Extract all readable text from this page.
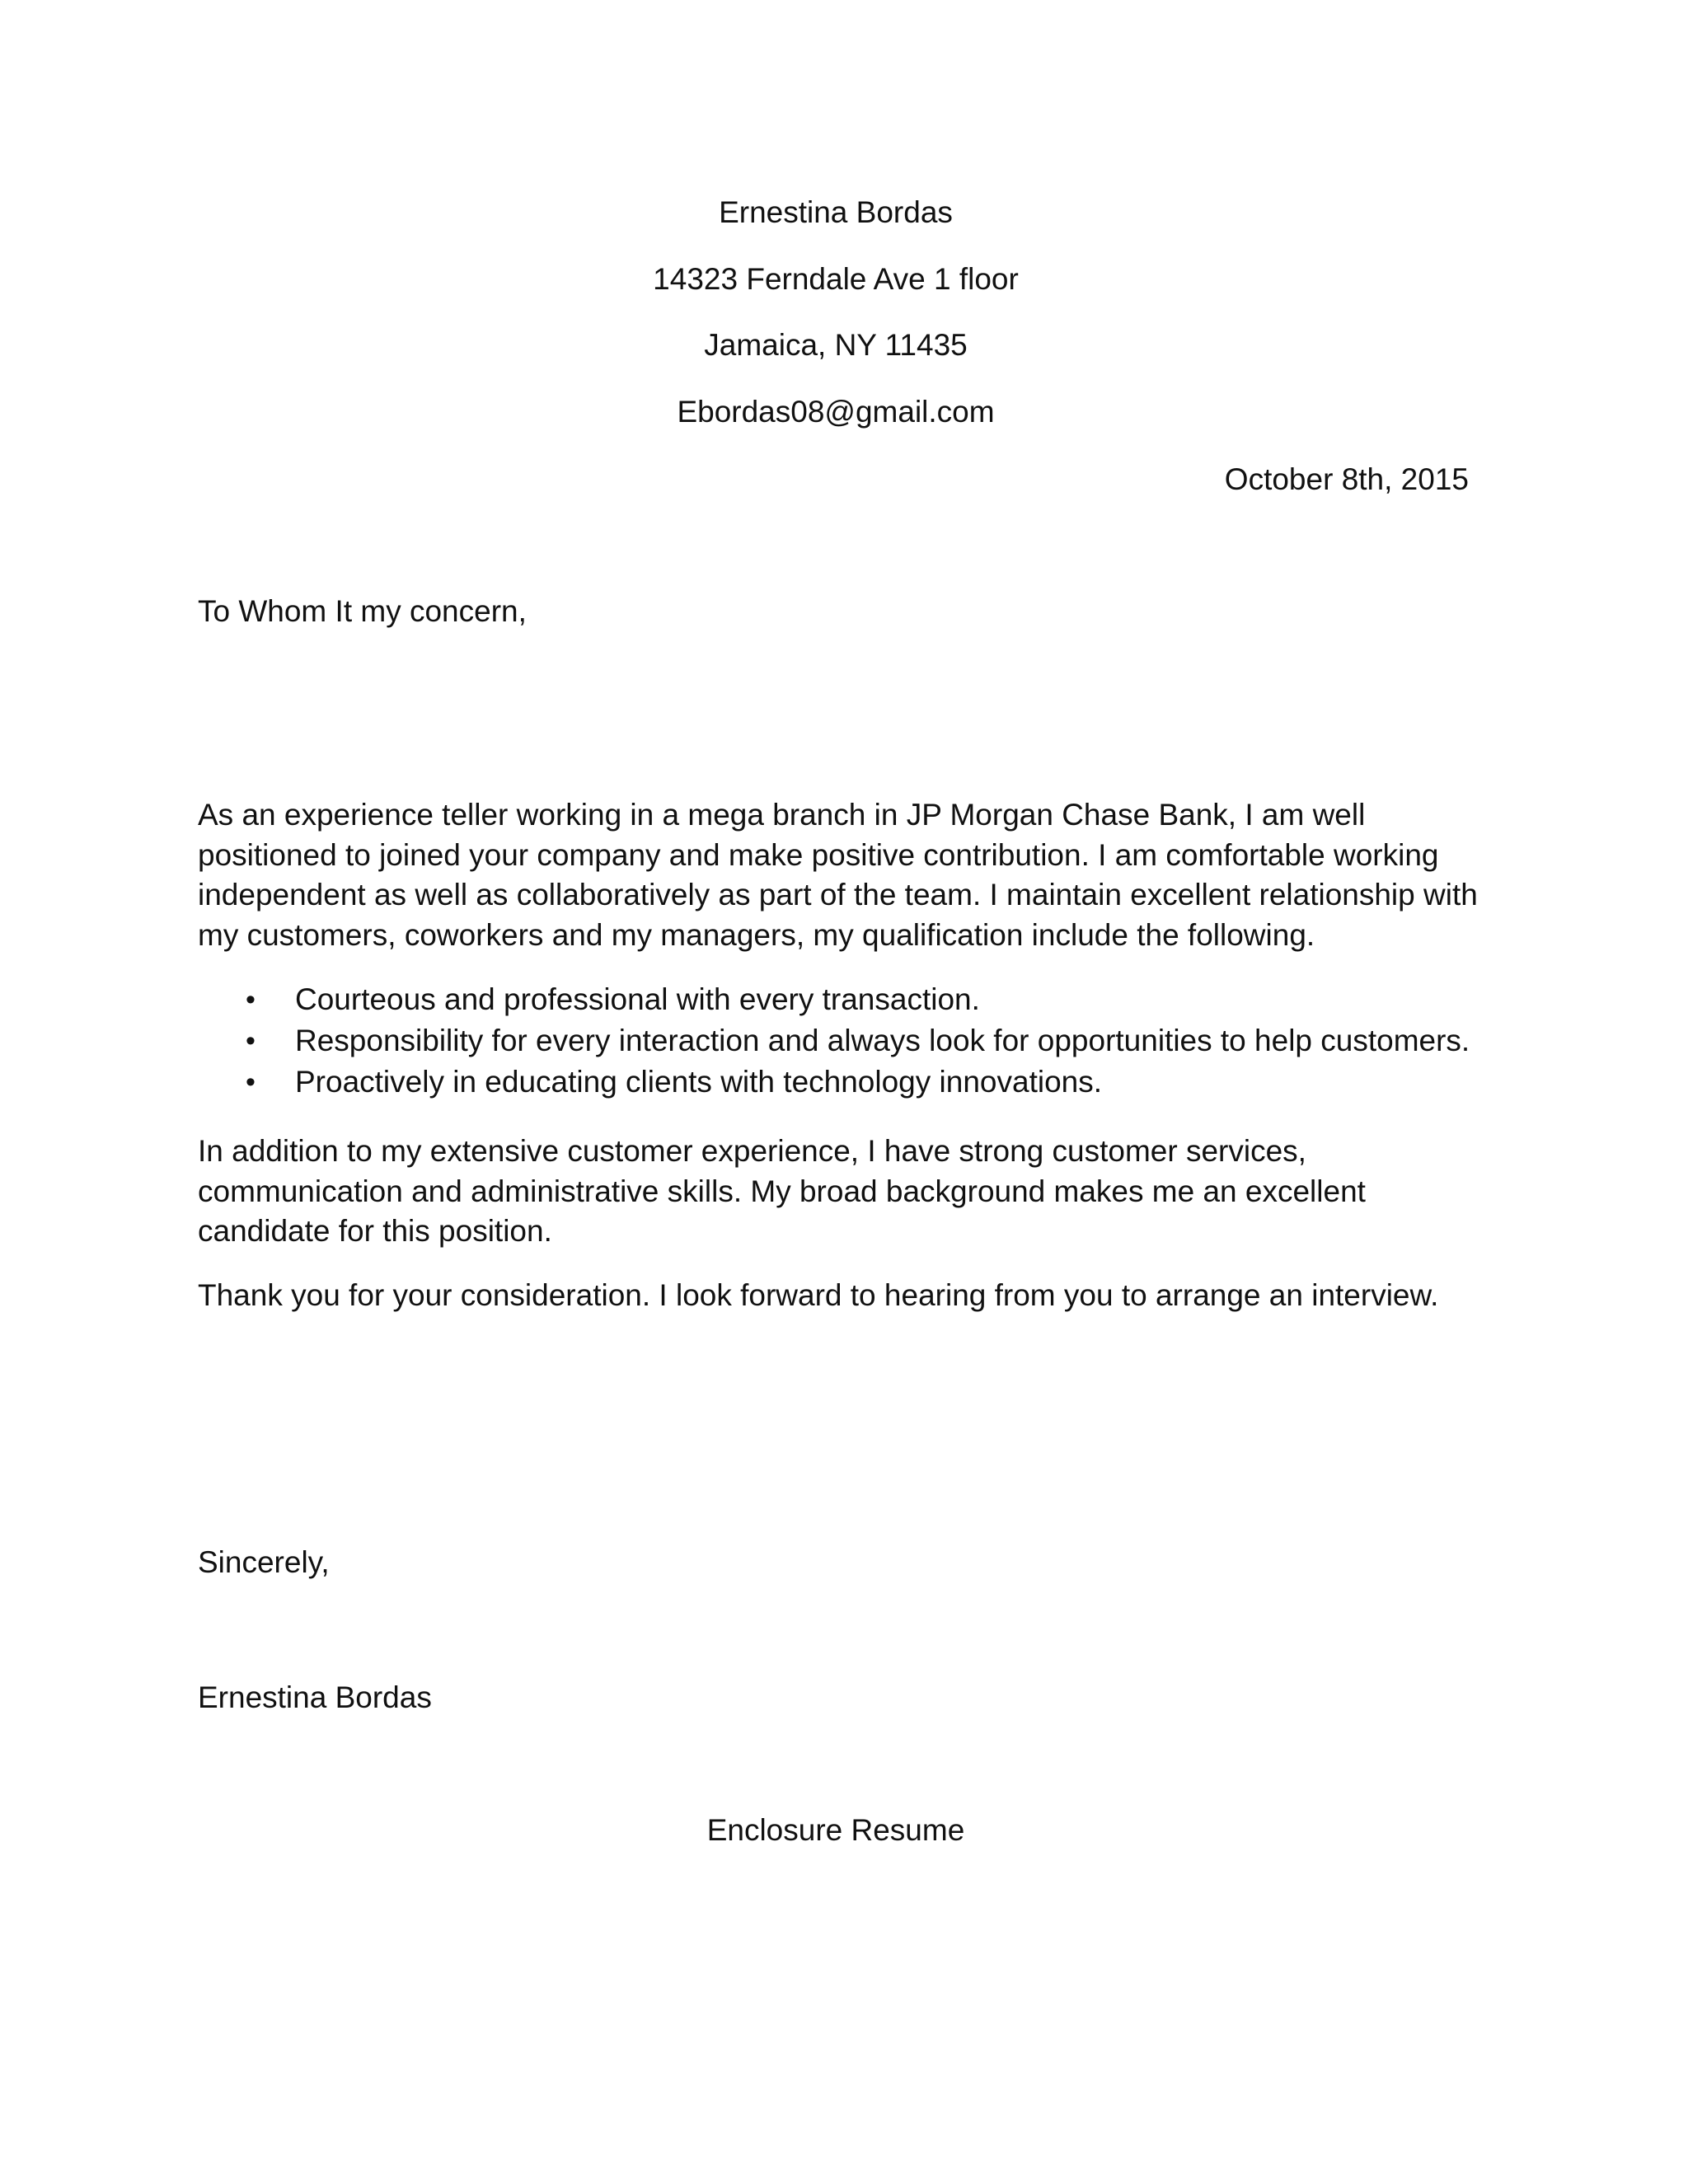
Ernestina Bordas

14323 Ferndale Ave 1 floor

Jamaica, NY 11435

Ebordas08@gmail.com

October 8th, 2015

To Whom It my concern,

As an experience teller working in a mega branch in JP Morgan Chase Bank, I am well positioned to joined your company and make positive contribution. I am comfortable working independent as well as collaboratively as part of the team. I maintain excellent relationship with my customers, coworkers and my managers, my qualification include the following.

• Courteous and professional with every transaction.
• Responsibility for every interaction and always look for opportunities to help customers.
• Proactively in educating clients with technology innovations.

In addition to my extensive customer experience, I have strong customer services, communication and administrative skills. My broad background makes me an excellent candidate for this position.

Thank you for your consideration. I look forward to hearing from you to arrange an interview.

Sincerely,

Ernestina Bordas

Enclosure Resume
